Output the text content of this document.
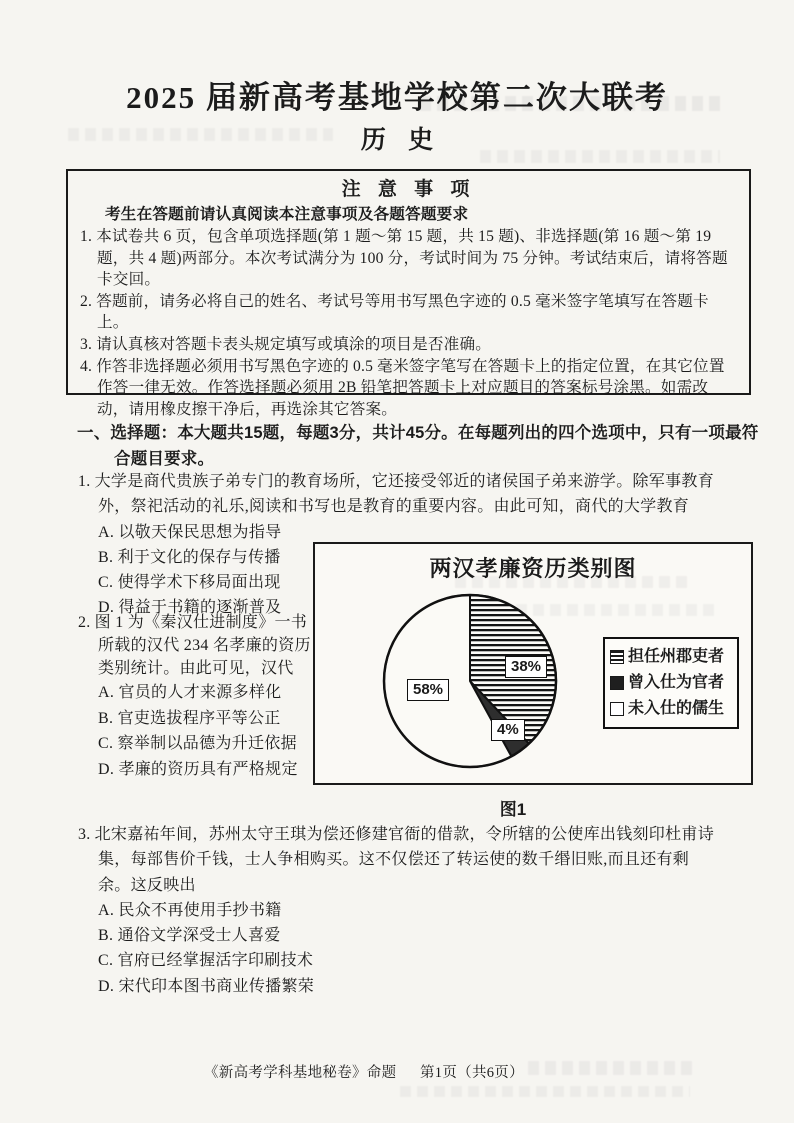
2025 届新高考基地学校第二次大联考
历 史
注 意 事 项
考生在答题前请认真阅读本注意事项及各题答题要求
1. 本试卷共 6 页，包含单项选择题(第 1 题～第 15 题，共 15 题)、非选择题(第 16 题～第 19 题，共 4 题)两部分。本次考试满分为 100 分，考试时间为 75 分钟。考试结束后，请将答题卡交回。
2. 答题前，请务必将自己的姓名、考试号等用书写黑色字迹的 0.5 毫米签字笔填写在答题卡上。
3. 请认真核对答题卡表头规定填写或填涂的项目是否准确。
4. 作答非选择题必须用书写黑色字迹的 0.5 毫米签字笔写在答题卡上的指定位置，在其它位置作答一律无效。作答选择题必须用 2B 铅笔把答题卡上对应题目的答案标号涂黑。如需改动，请用橡皮擦干净后，再选涂其它答案。
一、选择题：本大题共15题，每题3分，共计45分。在每题列出的四个选项中，只有一项最符合题目要求。
1. 大学是商代贵族子弟专门的教育场所，它还接受邻近的诸侯国子弟来游学。除军事教育外，祭祀活动的礼乐,阅读和书写也是教育的重要内容。由此可知，商代的大学教育
A. 以敬天保民思想为指导
B. 利于文化的保存与传播
C. 使得学术下移局面出现
D. 得益于书籍的逐渐普及
2. 图 1 为《秦汉仕进制度》一书所载的汉代 234 名孝廉的资历类别统计。由此可见，汉代
A. 官员的人才来源多样化
B. 官吏选拔程序平等公正
C. 察举制以品德为升迁依据
D. 孝廉的资历具有严格规定
两汉孝廉资历类别图
38%
4%
58%
担任州郡吏者
曾入仕为官者
未入仕的儒生
图1
3. 北宋嘉祐年间，苏州太守王琪为偿还修建官衙的借款，令所辖的公使库出钱刻印杜甫诗集，每部售价千钱，士人争相购买。这不仅偿还了转运使的数千缗旧账,而且还有剩余。这反映出
A. 民众不再使用手抄书籍
B. 通俗文学深受士人喜爱
C. 官府已经掌握活字印刷技术
D. 宋代印本图书商业传播繁荣
《新高考学科基地秘卷》命题 第1页（共6页）
